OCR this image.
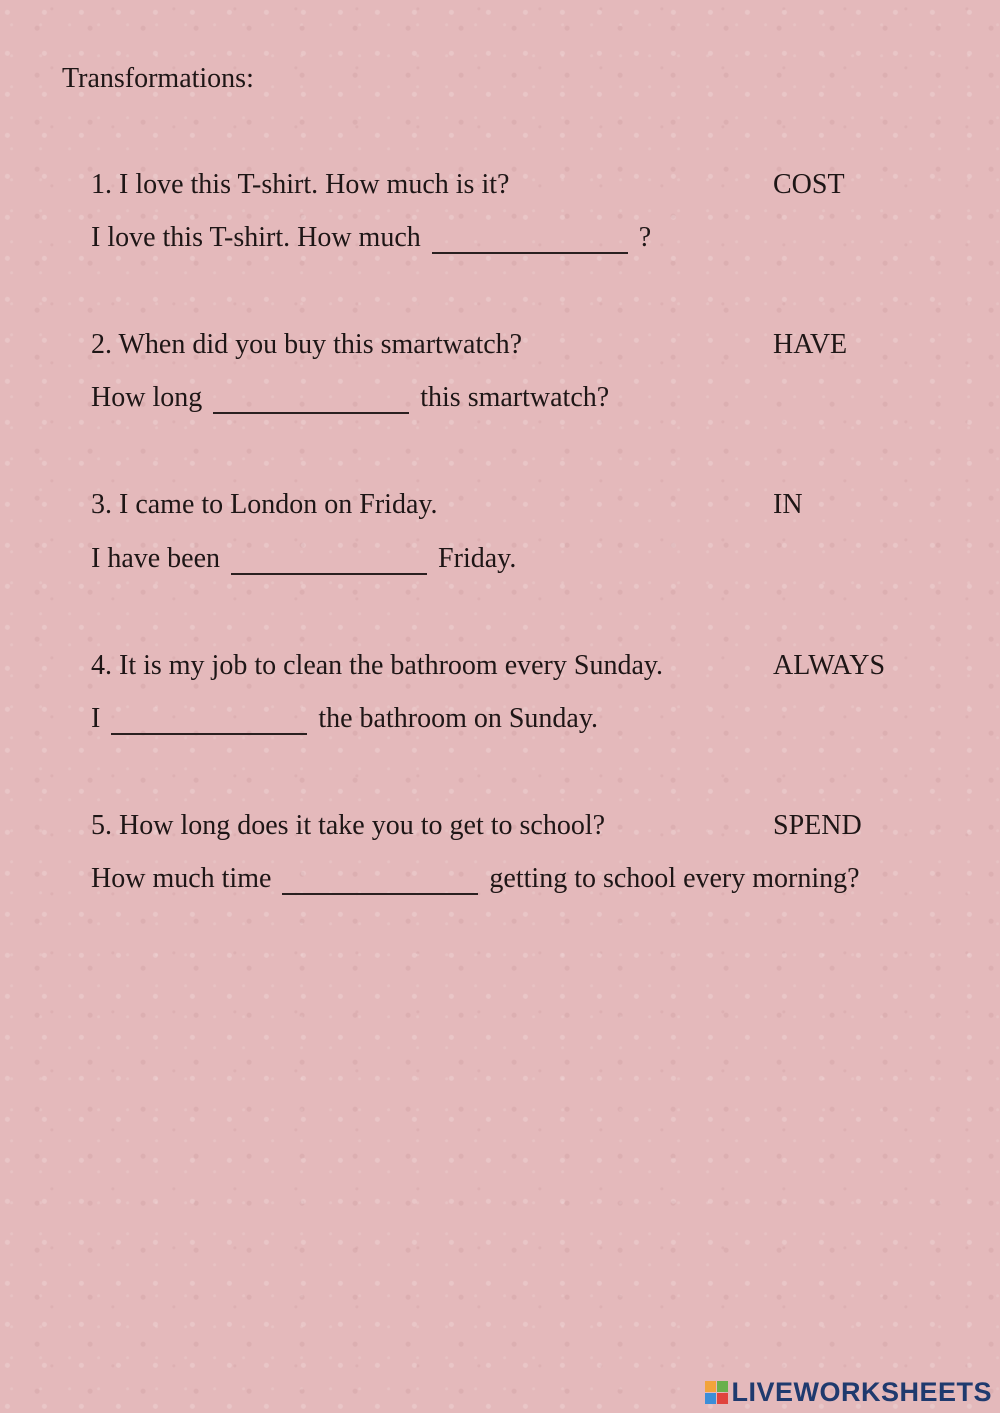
Transformations:
1. I love this T-shirt. How much is it?	COST
I love this T-shirt. How much	?
2. When did you buy this smartwatch?	HAVE
How long	this smartwatch?
3. I came to London on Friday.	IN
I have been	Friday.
4. It is my job to clean the bathroom every Sunday.	ALWAYS
I	the bathroom on Sunday.
5. How long does it take you to get to school?	SPEND
How much time	getting to school every morning?
LIVEWORKSHEETS
